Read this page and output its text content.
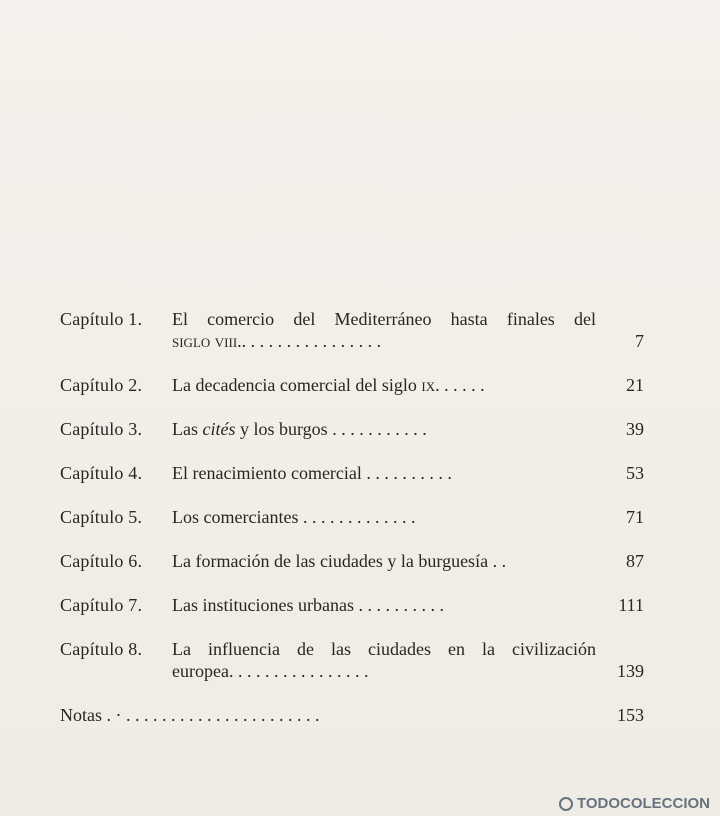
Capítulo 1. El comercio del Mediterráneo hasta finales del
siglo viii.. . . . . . . . . . . . . . . .	7
Capítulo 2. La decadencia comercial del siglo ix. . . . . .	21
Capítulo 3. Las cités y los burgos . . . . . . . . . . .	39
Capítulo 4. El renacimiento comercial . . . . . . . . . .	53
Capítulo 5. Los comerciantes . . . . . . . . . . . . .	71
Capítulo 6. La formación de las ciudades y la burguesía . .	87
Capítulo 7. Las instituciones urbanas . . . . . . . . . .	111
Capítulo 8. La influencia de las ciudades en la civilización
europea. . . . . . . . . . . . . . . .	139
Notas . · . . . . . . . . . . . . . . . . . . . . . .	153
TODOCOLECCION
